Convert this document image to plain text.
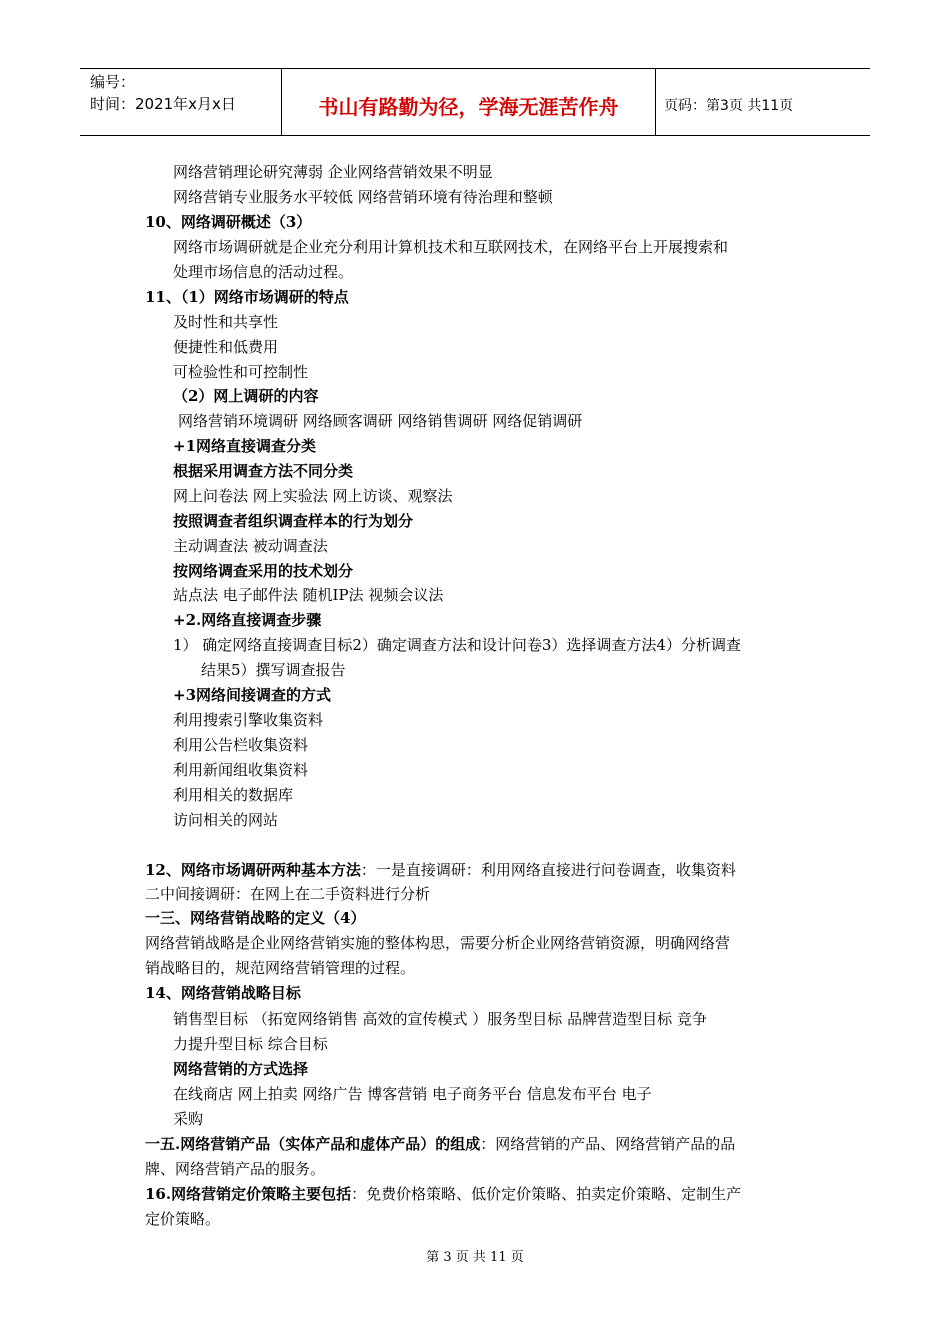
编号：
时间：2021年x月x日	书山有路勤为径，学海无涯苦作舟	页码：第3页 共11页
网络营销理论研究薄弱 企业网络营销效果不明显
网络营销专业服务水平较低 网络营销环境有待治理和整顿
10、网络调研概述（3）
网络市场调研就是企业充分利用计算机技术和互联网技术，在网络平台上开展搜索和
处理市场信息的活动过程。
11、（1）网络市场调研的特点
及时性和共享性
便捷性和低费用
可检验性和可控制性
（2）网上调研的内容
网络营销环境调研 网络顾客调研 网络销售调研 网络促销调研
+1网络直接调查分类
根据采用调查方法不同分类
网上问卷法 网上实验法 网上访谈、观察法
按照调查者组织调查样本的行为划分
主动调查法 被动调查法
按网络调查采用的技术划分
站点法 电子邮件法 随机IP法 视频会议法
+2.网络直接调查步骤
1） 确定网络直接调查目标2）确定调查方法和设计问卷3）选择调查方法4）分析调查
结果5）撰写调查报告
+3网络间接调查的方式
利用搜索引擎收集资料
利用公告栏收集资料
利用新闻组收集资料
利用相关的数据库
访问相关的网站
一三、网络营销战略的定义（4）
网络营销战略是企业网络营销实施的整体构思，需要分析企业网络营销资源，明确网络营
销战略目的，规范网络营销管理的过程。
14、网络营销战略目标
销售型目标 （拓宽网络销售 高效的宣传模式 ）服务型目标 品牌营造型目标 竞争
力提升型目标 综合目标
网络营销的方式选择
在线商店 网上拍卖 网络广告 博客营销 电子商务平台 信息发布平台 电子
采购
牌、网络营销产品的服务。
定价策略。
12、网络市场调研两种基本方法：一是直接调研：利用网络直接进行问卷调查，收集资料
二中间接调研：在网上在二手资料进行分析
一五.网络营销产品（实体产品和虚体产品）的组成：网络营销的产品、网络营销产品的品
16.网络营销定价策略主要包括：免费价格策略、低价定价策略、拍卖定价策略、定制生产
第 3 页 共 11 页
